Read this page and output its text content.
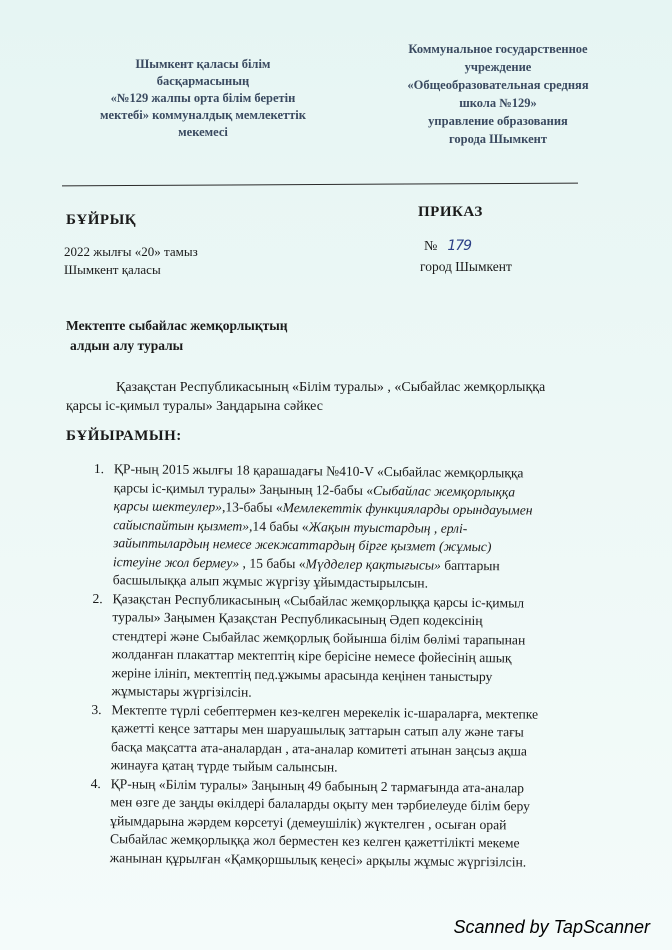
Шымкент қаласы білім
басқармасының
«№129 жалпы орта білім беретін
мектебі» коммуналдық мемлекеттік
мекемесі
Коммунальное государственное
учреждение
«Общеобразовательная средняя
школа №129»
управление образования
города Шымкент
БҰЙРЫҚ	ПРИКАЗ
2022 жылғы «20» тамыз
Шымкент қаласы
№ 179
город Шымкент
Мектепте сыбайлас жемқорлықтың
алдын алу туралы
Қазақстан Республикасының «Білім туралы» , «Сыбайлас жемқорлыққа
қарсы іс-қимыл туралы» Заңдарына сәйкес
БҰЙЫРАМЫН:
1. ҚР-ның 2015 жылғы 18 қарашадағы №410-V «Сыбайлас жемқорлыққа
қарсы іс-қимыл туралы» Заңының 12-бабы «Сыбайлас жемқорлыққа
қарсы шектеулер»,13-бабы «Мемлекеттік функцияларды орындауымен
сайыспайтын қызмет»,14 бабы «Жақын туыстардың , ерлі-
зайыптылардың немесе жекжаттардың бірге қызмет (жұмыс)
істеуіне жол бермеу» , 15 бабы «Мүдделер қақтығысы» баптарын
басшылыққа алып жұмыс жүргізу ұйымдастырылсын.
2. Қазақстан Республикасының «Сыбайлас жемқорлыққа қарсы іс-қимыл
туралы» Заңымен Қазақстан Республикасының Әдеп кодексінің
стендтері және Сыбайлас жемқорлық бойынша білім бөлімі тарапынан
жолданған плакаттар мектептің кіре берісіне немесе фойесінің ашық
жеріне ілініп, мектептің пед.ұжымы арасында кеңінен таныстыру
жұмыстары жүргізілсін.
3. Мектепте түрлі себептермен кез-келген мерекелік іс-шараларға, мектепке
қажетті кеңсе заттары мен шаруашылық заттарын сатып алу және тағы
басқа мақсатта ата-аналардан , ата-аналар комитеті атынан заңсыз ақша
жинауға қатаң түрде тыйым салынсын.
4. ҚР-ның «Білім туралы» Заңының 49 бабының 2 тармағында ата-аналар
мен өзге де заңды өкілдері балаларды оқыту мен тәрбиелеуде білім беру
ұйымдарына жәрдем көрсетуі (демеушілік) жүктелген , осыған орай
Сыбайлас жемқорлыққа жол берместен кез келген қажеттілікті мекеме
жанынан құрылған «Қамқоршылық кеңесі» арқылы жұмыс жүргізілсін.
Scanned by TapScanner
